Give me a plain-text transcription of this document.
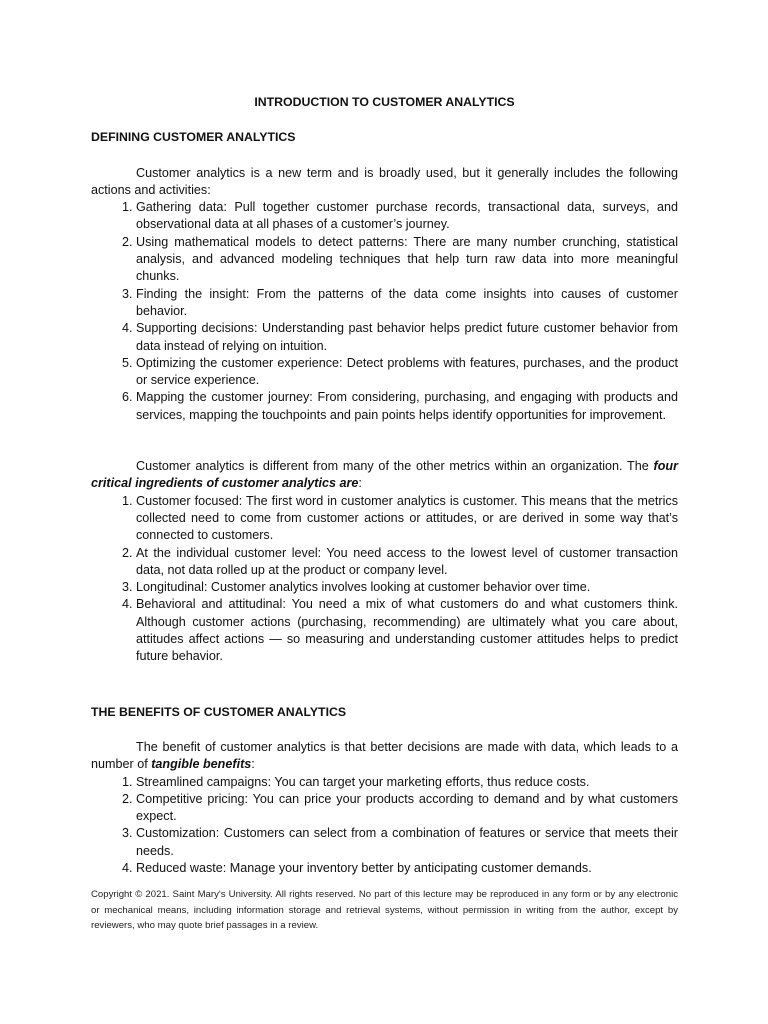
INTRODUCTION TO CUSTOMER ANALYTICS
DEFINING CUSTOMER ANALYTICS

Customer analytics is a new term and is broadly used, but it generally includes the following actions and activities:

1. Gathering data: Pull together customer purchase records, transactional data, surveys, and observational data at all phases of a customer’s journey.
2. Using mathematical models to detect patterns: There are many number crunching, statistical analysis, and advanced modeling techniques that help turn raw data into more meaningful chunks.
3. Finding the insight: From the patterns of the data come insights into causes of customer behavior.
4. Supporting decisions: Understanding past behavior helps predict future customer behavior from data instead of relying on intuition.
5. Optimizing the customer experience: Detect problems with features, purchases, and the product or service experience.
6. Mapping the customer journey: From considering, purchasing, and engaging with products and services, mapping the touchpoints and pain points helps identify opportunities for improvement.

Customer analytics is different from many of the other metrics within an organization. The four critical ingredients of customer analytics are:

1. Customer focused: The first word in customer analytics is customer. This means that the metrics collected need to come from customer actions or attitudes, or are derived in some way that’s connected to customers.
2. At the individual customer level: You need access to the lowest level of customer transaction data, not data rolled up at the product or company level.
3. Longitudinal: Customer analytics involves looking at customer behavior over time.
4. Behavioral and attitudinal: You need a mix of what customers do and what customers think. Although customer actions (purchasing, recommending) are ultimately what you care about, attitudes affect actions — so measuring and understanding customer attitudes helps to predict future behavior.
THE BENEFITS OF CUSTOMER ANALYTICS

The benefit of customer analytics is that better decisions are made with data, which leads to a number of tangible benefits:

1. Streamlined campaigns: You can target your marketing efforts, thus reduce costs.
2. Competitive pricing: You can price your products according to demand and by what customers expect.
3. Customization: Customers can select from a combination of features or service that meets their needs.
4. Reduced waste: Manage your inventory better by anticipating customer demands.
Copyright © 2021. Saint Mary's University. All rights reserved. No part of this lecture may be reproduced in any form or by any electronic or mechanical means, including information storage and retrieval systems, without permission in writing from the author, except by reviewers, who may quote brief passages in a review.
